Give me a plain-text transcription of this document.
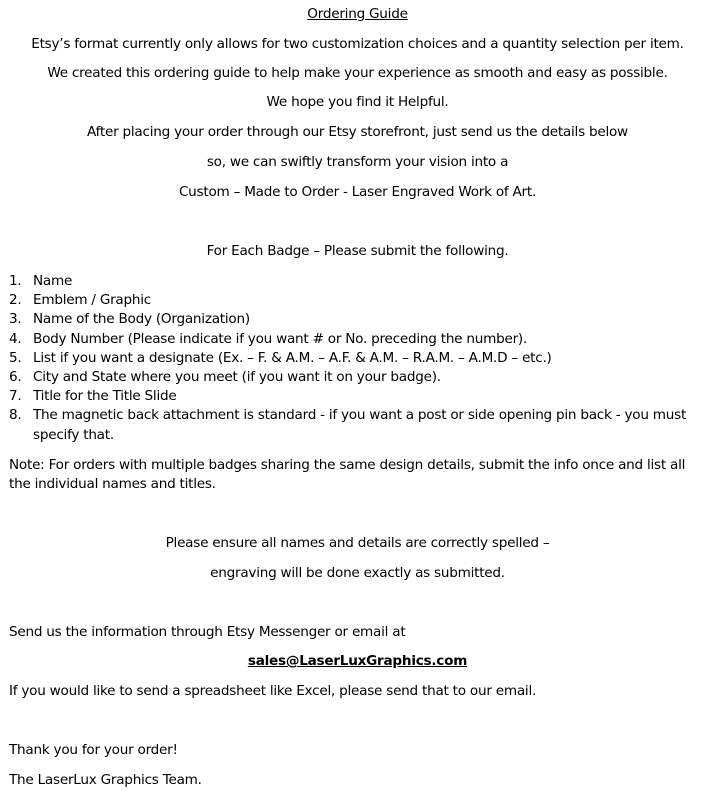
Ordering Guide
Etsy’s format currently only allows for two customization choices and a quantity selection per item.
We created this ordering guide to help make your experience as smooth and easy as possible.
We hope you find it Helpful.
After placing your order through our Etsy storefront, just send us the details below
so, we can swiftly transform your vision into a
Custom – Made to Order - Laser Engraved Work of Art.
For Each Badge – Please submit the following.
1. Name
2. Emblem / Graphic
3. Name of the Body (Organization)
4. Body Number (Please indicate if you want # or No. preceding the number).
5. List if you want a designate (Ex. – F. & A.M. – A.F. & A.M. – R.A.M. – A.M.D – etc.)
6. City and State where you meet (if you want it on your badge).
7. Title for the Title Slide
8. The magnetic back attachment is standard - if you want a post or side opening pin back - you must specify that.
Note: For orders with multiple badges sharing the same design details, submit the info once and list all the individual names and titles.
Please ensure all names and details are correctly spelled –
engraving will be done exactly as submitted.
Send us the information through Etsy Messenger or email at
sales@LaserLuxGraphics.com
If you would like to send a spreadsheet like Excel, please send that to our email.
Thank you for your order!
The LaserLux Graphics Team.
